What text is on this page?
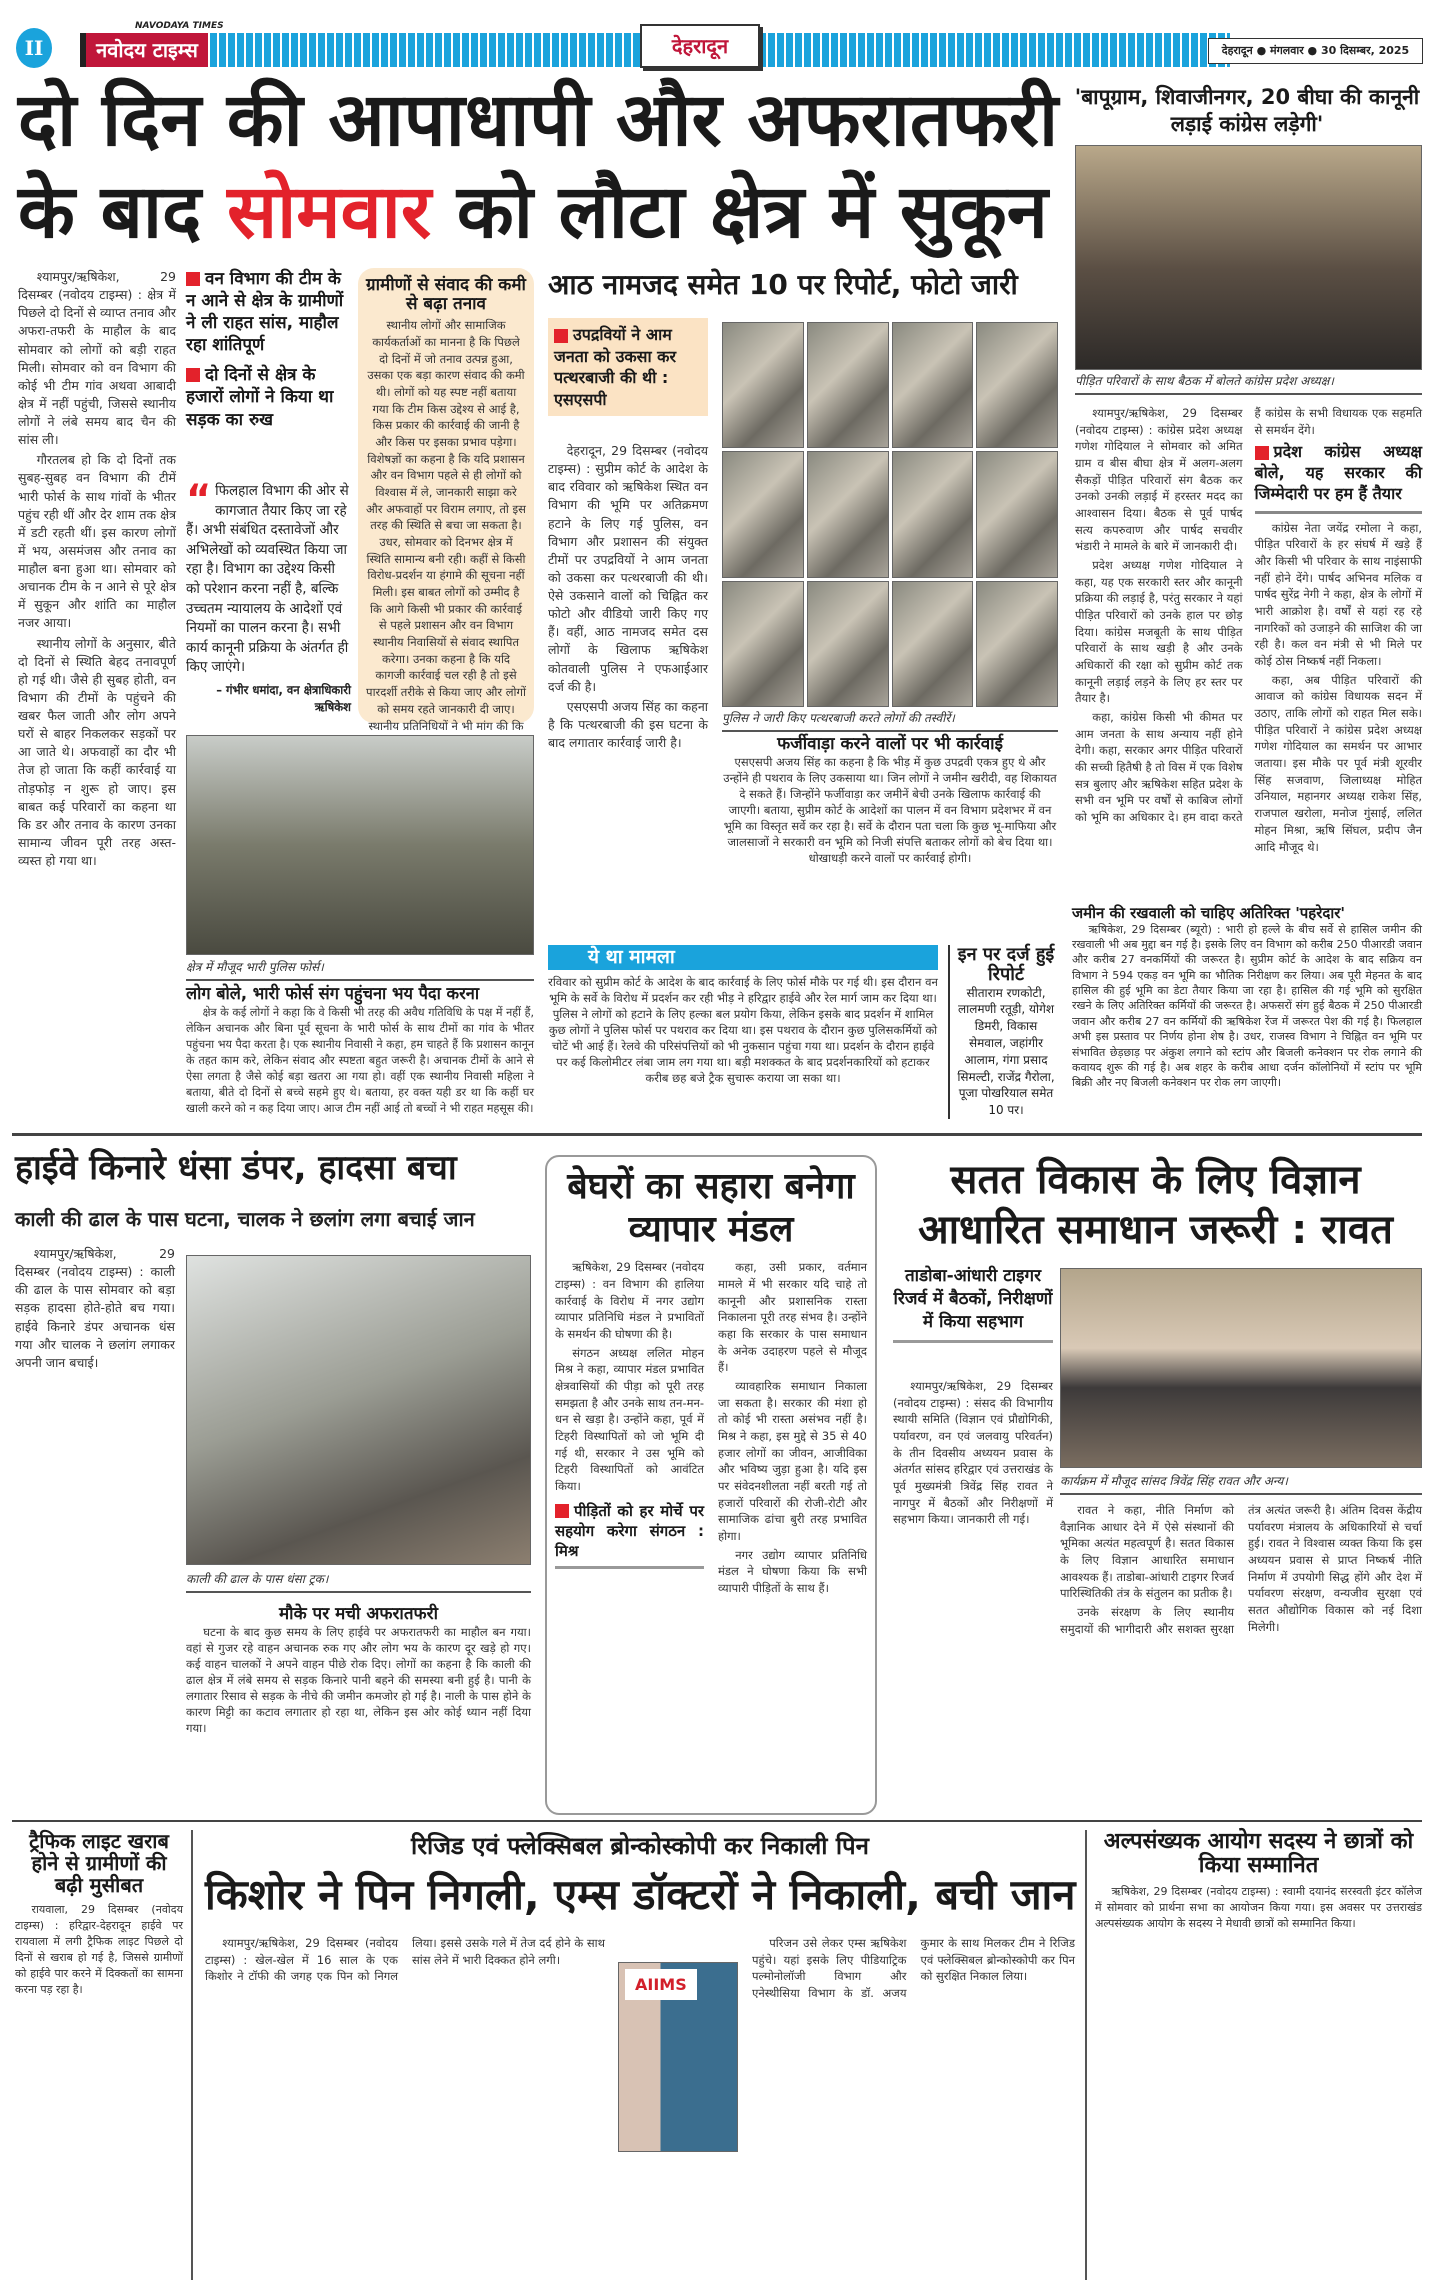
II
NAVODAYA TIMES
नवोदय टाइम्स	देहरादून	देहरादून ● मंगलवार ● 30 दिसम्बर, 2025
दो दिन की आपाधापी और अफरातफरी
के बाद सोमवार को लौटा क्षेत्र में सुकून

श्यामपुर/ऋषिकेश, 29 दिसम्बर (नवोदय टाइम्स) : क्षेत्र में पिछले दो दिनों से व्याप्त तनाव और अफरा-तफरी के माहौल के बाद सोमवार को लोगों को बड़ी राहत मिली। सोमवार को वन विभाग की कोई भी टीम गांव अथवा आबादी क्षेत्र में नहीं पहुंची, जिससे स्थानीय लोगों ने लंबे समय बाद चैन की सांस ली।

गौरतलब हो कि दो दिनों तक सुबह-सुबह वन विभाग की टीमें भारी फोर्स के साथ गांवों के भीतर पहुंच रही थीं और देर शाम तक क्षेत्र में डटी रहती थीं। इस कारण लोगों में भय, असमंजस और तनाव का माहौल बना हुआ था। सोमवार को अचानक टीम के न आने से पूरे क्षेत्र में सुकून और शांति का माहौल नजर आया।

स्थानीय लोगों के अनुसार, बीते दो दिनों से स्थिति बेहद तनावपूर्ण हो गई थी। जैसे ही सुबह होती, वन विभाग की टीमों के पहुंचने की खबर फैल जाती और लोग अपने घरों से बाहर निकलकर सड़कों पर आ जाते थे। अफवाहों का दौर भी तेज हो जाता कि कहीं कार्रवाई या तोड़फोड़ न शुरू हो जाए। इस बाबत कई परिवारों का कहना था कि डर और तनाव के कारण उनका सामान्य जीवन पूरी तरह अस्त-व्यस्त हो गया था।

वन विभाग की टीम के न आने से क्षेत्र के ग्रामीणों ने ली राहत सांस, माहौल रहा शांतिपूर्ण
दो दिनों से क्षेत्र के हजारों लोगों ने किया था सड़क का रुख
“ फिलहाल विभाग की ओर से कागजात तैयार किए जा रहे हैं। अभी संबंधित दस्तावेजों और अभिलेखों को व्यवस्थित किया जा रहा है। विभाग का उद्देश्य किसी को परेशान करना नहीं है, बल्कि उच्चतम न्यायालय के आदेशों एवं नियमों का पालन करना है। सभी कार्य कानूनी प्रक्रिया के अंतर्गत ही किए जाएंगे।
– गंभीर धमांदा, वन क्षेत्राधिकारी ऋषिकेश
ग्रामीणों से संवाद की कमी से बढ़ा तनाव
स्थानीय लोगों और सामाजिक कार्यकर्ताओं का मानना है कि पिछले दो दिनों में जो तनाव उत्पन्न हुआ, उसका एक बड़ा कारण संवाद की कमी थी। लोगों को यह स्पष्ट नहीं बताया गया कि टीम किस उद्देश्य से आई है, किस प्रकार की कार्रवाई की जानी है और किस पर इसका प्रभाव पड़ेगा। विशेषज्ञों का कहना है कि यदि प्रशासन और वन विभाग पहले से ही लोगों को विश्वास में ले, जानकारी साझा करे और अफवाहों पर विराम लगाए, तो इस तरह की स्थिति से बचा जा सकता है। उधर, सोमवार को दिनभर क्षेत्र में स्थिति सामान्य बनी रही। कहीं से किसी विरोध-प्रदर्शन या हंगामे की सूचना नहीं मिली। इस बाबत लोगों को उम्मीद है कि आगे किसी भी प्रकार की कार्रवाई से पहले प्रशासन और वन विभाग स्थानीय निवासियों से संवाद स्थापित करेगा। उनका कहना है कि यदि कागजी कार्रवाई चल रही है तो इसे पारदर्शी तरीके से किया जाए और लोगों को समय रहते जानकारी दी जाए। स्थानीय प्रतिनिधियों ने भी मांग की कि
क्षेत्र में मौजूद भारी पुलिस फोर्स।
लोग बोले, भारी फोर्स संग पहुंचना भय पैदा करना
क्षेत्र के कई लोगों ने कहा कि वे किसी भी तरह की अवैध गतिविधि के पक्ष में नहीं हैं, लेकिन अचानक और बिना पूर्व सूचना के भारी फोर्स के साथ टीमों का गांव के भीतर पहुंचना भय पैदा करता है। एक स्थानीय निवासी ने कहा, हम चाहते हैं कि प्रशासन कानून के तहत काम करे, लेकिन संवाद और स्पष्टता बहुत जरूरी है। अचानक टीमों के आने से ऐसा लगता है जैसे कोई बड़ा खतरा आ गया हो। वहीं एक स्थानीय निवासी महिला ने बताया, बीते दो दिनों से बच्चे सहमे हुए थे। बताया, हर वक्त यही डर था कि कहीं घर खाली करने को न कह दिया जाए। आज टीम नहीं आई तो बच्चों ने भी राहत महसूस की।
आठ नामजद समेत 10 पर रिपोर्ट, फोटो जारी
उपद्रवियों ने आम जनता को उकसा कर पत्थरबाजी की थी : एसएसपी

देहरादून, 29 दिसम्बर (नवोदय टाइम्स) : सुप्रीम कोर्ट के आदेश के बाद रविवार को ऋषिकेश स्थित वन विभाग की भूमि पर अतिक्रमण हटाने के लिए गई पुलिस, वन विभाग और प्रशासन की संयुक्त टीमों पर उपद्रवियों ने आम जनता को उकसा कर पत्थरबाजी की थी। ऐसे उकसाने वालों को चिह्नित कर फोटो और वीडियो जारी किए गए हैं। वहीं, आठ नामजद समेत दस लोगों के खिलाफ ऋषिकेश कोतवाली पुलिस ने एफआईआर दर्ज की है।

एसएसपी अजय सिंह का कहना है कि पत्थरबाजी की इस घटना के बाद लगातार कार्रवाई जारी है।

पुलिस ने जारी किए पत्थरबाजी करते लोगों की तस्वीरें।
फर्जीवाड़ा करने वालों पर भी कार्रवाई
एसएसपी अजय सिंह का कहना है कि भीड़ में कुछ उपद्रवी एकत्र हुए थे और उन्होंने ही पथराव के लिए उकसाया था। जिन लोगों ने जमीन खरीदी, वह शिकायत दे सकते हैं। जिन्होंने फर्जीवाड़ा कर जमीनें बेची उनके खिलाफ कार्रवाई की जाएगी। बताया, सुप्रीम कोर्ट के आदेशों का पालन में वन विभाग प्रदेशभर में वन भूमि का विस्तृत सर्वे कर रहा है। सर्वे के दौरान पता चला कि कुछ भू-माफिया और जालसाजों ने सरकारी वन भूमि को निजी संपत्ति बताकर लोगों को बेच दिया था। धोखाधड़ी करने वालों पर कार्रवाई होगी।
ये था मामला
रविवार को सुप्रीम कोर्ट के आदेश के बाद कार्रवाई के लिए फोर्स मौके पर गई थी। इस दौरान वन भूमि के सर्वे के विरोध में प्रदर्शन कर रही भीड़ ने हरिद्वार हाईवे और रेल मार्ग जाम कर दिया था। पुलिस ने लोगों को हटाने के लिए हल्का बल प्रयोग किया, लेकिन इसके बाद प्रदर्शन में शामिल कुछ लोगों ने पुलिस फोर्स पर पथराव कर दिया था। इस पथराव के दौरान कुछ पुलिसकर्मियों को चोटें भी आई हैं। रेलवे की परिसंपत्तियों को भी नुकसान पहुंचा गया था। प्रदर्शन के दौरान हाईवे पर कई किलोमीटर लंबा जाम लग गया था। बड़ी मशक्कत के बाद प्रदर्शनकारियों को हटाकर करीब छह बजे ट्रैक सुचारू कराया जा सका था।
इन पर दर्ज हुई रिपोर्ट
सीताराम रणकोटी, लालमणी रतूड़ी, योगेश डिमरी, विकास सेमवाल, जहांगीर आलाम, गंगा प्रसाद सिमल्टी, राजेंद्र गैरोला, पूजा पोखरियाल समेत 10 पर।
'बापूग्राम, शिवाजीनगर, 20 बीघा की कानूनी लड़ाई कांग्रेस लड़ेगी'
पीड़ित परिवारों के साथ बैठक में बोलते कांग्रेस प्रदेश अध्यक्ष।

श्यामपुर/ऋषिकेश, 29 दिसम्बर (नवोदय टाइम्स) : कांग्रेस प्रदेश अध्यक्ष गणेश गोदियाल ने सोमवार को अमित ग्राम व बीस बीघा क्षेत्र में अलग-अलग सैकड़ों पीड़ित परिवारों संग बैठक कर उनको उनकी लड़ाई में हरस्तर मदद का आश्वासन दिया। बैठक से पूर्व पार्षद सत्य कपरुवाण और पार्षद सचवीर भंडारी ने मामले के बारे में जानकारी दी।

प्रदेश अध्यक्ष गणेश गोदियाल ने कहा, यह एक सरकारी स्तर और कानूनी प्रक्रिया की लड़ाई है, परंतु सरकार ने यहां पीड़ित परिवारों को उनके हाल पर छोड़ दिया। कांग्रेस मजबूती के साथ पीड़ित परिवारों के साथ खड़ी है और उनके अधिकारों की रक्षा को सुप्रीम कोर्ट तक कानूनी लड़ाई लड़ने के लिए हर स्तर पर तैयार है।

कहा, कांग्रेस किसी भी कीमत पर आम जनता के साथ अन्याय नहीं होने देगी। कहा, सरकार अगर पीड़ित परिवारों की सच्ची हितैषी है तो विस में एक विशेष सत्र बुलाए और ऋषिकेश सहित प्रदेश के सभी वन भूमि पर वर्षों से काबिज लोगों को भूमि का अधिकार दे। हम वादा करते हैं कांग्रेस के सभी विधायक एक सहमति से समर्थन देंगे।

प्रदेश कांग्रेस अध्यक्ष बोले, यह सरकार की जिम्मेदारी पर हम हैं तैयार

कांग्रेस नेता जयेंद्र रमोला ने कहा, पीड़ित परिवारों के हर संघर्ष में खड़े हैं और किसी भी परिवार के साथ नाइंसाफी नहीं होने देंगे। पार्षद अभिनव मलिक व पार्षद सुरेंद्र नेगी ने कहा, क्षेत्र के लोगों में भारी आक्रोश है। वर्षों से यहां रह रहे नागरिकों को उजाड़ने की साजिश की जा रही है। कल वन मंत्री से भी मिले पर कोई ठोस निष्कर्ष नहीं निकला।

कहा, अब पीड़ित परिवारों की आवाज को कांग्रेस विधायक सदन में उठाए, ताकि लोगों को राहत मिल सके। पीड़ित परिवारों ने कांग्रेस प्रदेश अध्यक्ष गणेश गोदियाल का समर्थन पर आभार जताया। इस मौके पर पूर्व मंत्री शूरवीर सिंह सजवाण, जिलाध्यक्ष मोहित उनियाल, महानगर अध्यक्ष राकेश सिंह, राजपाल खरोला, मनोज गुंसाई, ललित मोहन मिश्रा, ऋषि सिंघल, प्रदीप जैन आदि मौजूद थे।

जमीन की रखवाली को चाहिए अतिरिक्त 'पहरेदार'
ऋषिकेश, 29 दिसम्बर (ब्यूरो) : भारी हो हल्ले के बीच सर्वे से हासिल जमीन की रखवाली भी अब मुद्दा बन गई है। इसके लिए वन विभाग को करीब 250 पीआरडी जवान और करीब 27 वनकर्मियों की जरूरत है। सुप्रीम कोर्ट के आदेश के बाद सक्रिय वन विभाग ने 594 एकड़ वन भूमि का भौतिक निरीक्षण कर लिया। अब पूरी मेहनत के बाद हासिल की हुई भूमि का डेटा तैयार किया जा रहा है। हासिल की गई भूमि को सुरक्षित रखने के लिए अतिरिक्त कर्मियों की जरूरत है। अफसरों संग हुई बैठक में 250 पीआरडी जवान और करीब 27 वन कर्मियों की ऋषिकेश रेंज में जरूरत पेश की गई है। फिलहाल अभी इस प्रस्ताव पर निर्णय होना शेष है। उधर, राजस्व विभाग ने चिह्नित वन भूमि पर संभावित छेड़छाड़ पर अंकुश लगाने को स्टांप और बिजली कनेक्शन पर रोक लगाने की कवायद शुरू की गई है। अब शहर के करीब आधा दर्जन कॉलोनियों में स्टांप पर भूमि बिक्री और नए बिजली कनेक्शन पर रोक लग जाएगी।
हाईवे किनारे धंसा डंपर, हादसा बचा
काली की ढाल के पास घटना, चालक ने छलांग लगा बचाई जान
श्यामपुर/ऋषिकेश, 29 दिसम्बर (नवोदय टाइम्स) : काली की ढाल के पास सोमवार को बड़ा सड़क हादसा होते-होते बच गया। हाईवे किनारे डंपर अचानक धंस गया और चालक ने छलांग लगाकर अपनी जान बचाई।
काली की ढाल के पास धंसा ट्रक।
मौके पर मची अफरातफरी
घटना के बाद कुछ समय के लिए हाईवे पर अफरातफरी का माहौल बन गया। वहां से गुजर रहे वाहन अचानक रुक गए और लोग भय के कारण दूर खड़े हो गए। कई वाहन चालकों ने अपने वाहन पीछे रोक दिए। लोगों का कहना है कि काली की ढाल क्षेत्र में लंबे समय से सड़क किनारे पानी बहने की समस्या बनी हुई है। पानी के लगातार रिसाव से सड़क के नीचे की जमीन कमजोर हो गई है। नाली के पास होने के कारण मिट्टी का कटाव लगातार हो रहा था, लेकिन इस ओर कोई ध्यान नहीं दिया गया।
बेघरों का सहारा बनेगा व्यापार मंडल

ऋषिकेश, 29 दिसम्बर (नवोदय टाइम्स) : वन विभाग की हालिया कार्रवाई के विरोध में नगर उद्योग व्यापार प्रतिनिधि मंडल ने प्रभावितों के समर्थन की घोषणा की है।

संगठन अध्यक्ष ललित मोहन मिश्र ने कहा, व्यापार मंडल प्रभावित क्षेत्रवासियों की पीड़ा को पूरी तरह समझता है और उनके साथ तन-मन-धन से खड़ा है। उन्होंने कहा, पूर्व में टिहरी विस्थापितों को जो भूमि दी गई थी, सरकार ने उस भूमि को टिहरी विस्थापितों को आवंटित किया।

पीड़ितों को हर मोर्चे पर सहयोग करेगा संगठन : मिश्र

कहा, उसी प्रकार, वर्तमान मामले में भी सरकार यदि चाहे तो कानूनी और प्रशासनिक रास्ता निकालना पूरी तरह संभव है। उन्होंने कहा कि सरकार के पास समाधान के अनेक उदाहरण पहले से मौजूद हैं।

व्यावहारिक समाधान निकाला जा सकता है। सरकार की मंशा हो तो कोई भी रास्ता असंभव नहीं है। मिश्र ने कहा, इस मुद्दे से 35 से 40 हजार लोगों का जीवन, आजीविका और भविष्य जुड़ा हुआ है। यदि इस पर संवेदनशीलता नहीं बरती गई तो हजारों परिवारों की रोजी-रोटी और सामाजिक ढांचा बुरी तरह प्रभावित होगा।

नगर उद्योग व्यापार प्रतिनिधि मंडल ने घोषणा किया कि सभी व्यापारी पीड़ितों के साथ हैं।

सतत विकास के लिए विज्ञान आधारित समाधान जरूरी : रावत
ताडोबा-आंधारी टाइगर रिजर्व में बैठकों, निरीक्षणों में किया सहभाग
कार्यक्रम में मौजूद सांसद त्रिवेंद्र सिंह रावत और अन्य।

श्यामपुर/ऋषिकेश, 29 दिसम्बर (नवोदय टाइम्स) : संसद की विभागीय स्थायी समिति (विज्ञान एवं प्रौद्योगिकी, पर्यावरण, वन एवं जलवायु परिवर्तन) के तीन दिवसीय अध्ययन प्रवास के अंतर्गत सांसद हरिद्वार एवं उत्तराखंड के पूर्व मुख्यमंत्री त्रिवेंद्र सिंह रावत ने नागपुर में बैठकों और निरीक्षणों में सहभाग किया। जानकारी ली गई।

रावत ने कहा, नीति निर्माण को वैज्ञानिक आधार देने में ऐसे संस्थानों की भूमिका अत्यंत महत्वपूर्ण है। सतत विकास के लिए विज्ञान आधारित समाधान आवश्यक हैं। ताडोबा-आंधारी टाइगर रिजर्व पारिस्थितिकी तंत्र के संतुलन का प्रतीक है।

उनके संरक्षण के लिए स्थानीय समुदायों की भागीदारी और सशक्त सुरक्षा तंत्र अत्यंत जरूरी है। अंतिम दिवस केंद्रीय पर्यावरण मंत्रालय के अधिकारियों से चर्चा हुई। रावत ने विश्वास व्यक्त किया कि इस अध्ययन प्रवास से प्राप्त निष्कर्ष नीति निर्माण में उपयोगी सिद्ध होंगे और देश में पर्यावरण संरक्षण, वन्यजीव सुरक्षा एवं सतत औद्योगिक विकास को नई दिशा मिलेगी।

ट्रैफिक लाइट खराब होने से ग्रामीणों की बढ़ी मुसीबत
रायवाला, 29 दिसम्बर (नवोदय टाइम्स) : हरिद्वार-देहरादून हाईवे पर रायवाला में लगी ट्रैफिक लाइट पिछले दो दिनों से खराब हो गई है, जिससे ग्रामीणों को हाईवे पार करने में दिक्कतों का सामना करना पड़ रहा है।
रिजिड एवं फ्लेक्सिबल ब्रोन्कोस्कोपी कर निकाली पिन
किशोर ने पिन निगली, एम्स डॉक्टरों ने निकाली, बची जान

श्यामपुर/ऋषिकेश, 29 दिसम्बर (नवोदय टाइम्स) : खेल-खेल में 16 साल के एक किशोर ने टॉफी की जगह एक पिन को निगल लिया। इससे उसके गले में तेज दर्द होने के साथ सांस लेने में भारी दिक्कत होने लगी।

AIIMS

परिजन उसे लेकर एम्स ऋषिकेश पहुंचे। यहां इसके लिए पीडियाट्रिक पल्मोनोलॉजी विभाग और एनेस्थीसिया विभाग के डॉ. अजय कुमार के साथ मिलकर टीम ने रिजिड एवं फ्लेक्सिबल ब्रोन्कोस्कोपी कर पिन को सुरक्षित निकाल लिया।

अल्पसंख्यक आयोग सदस्य ने छात्रों को किया सम्मानित
ऋषिकेश, 29 दिसम्बर (नवोदय टाइम्स) : स्वामी दयानंद सरस्वती इंटर कॉलेज में सोमवार को प्रार्थना सभा का आयोजन किया गया। इस अवसर पर उत्तराखंड अल्पसंख्यक आयोग के सदस्य ने मेधावी छात्रों को सम्मानित किया।
